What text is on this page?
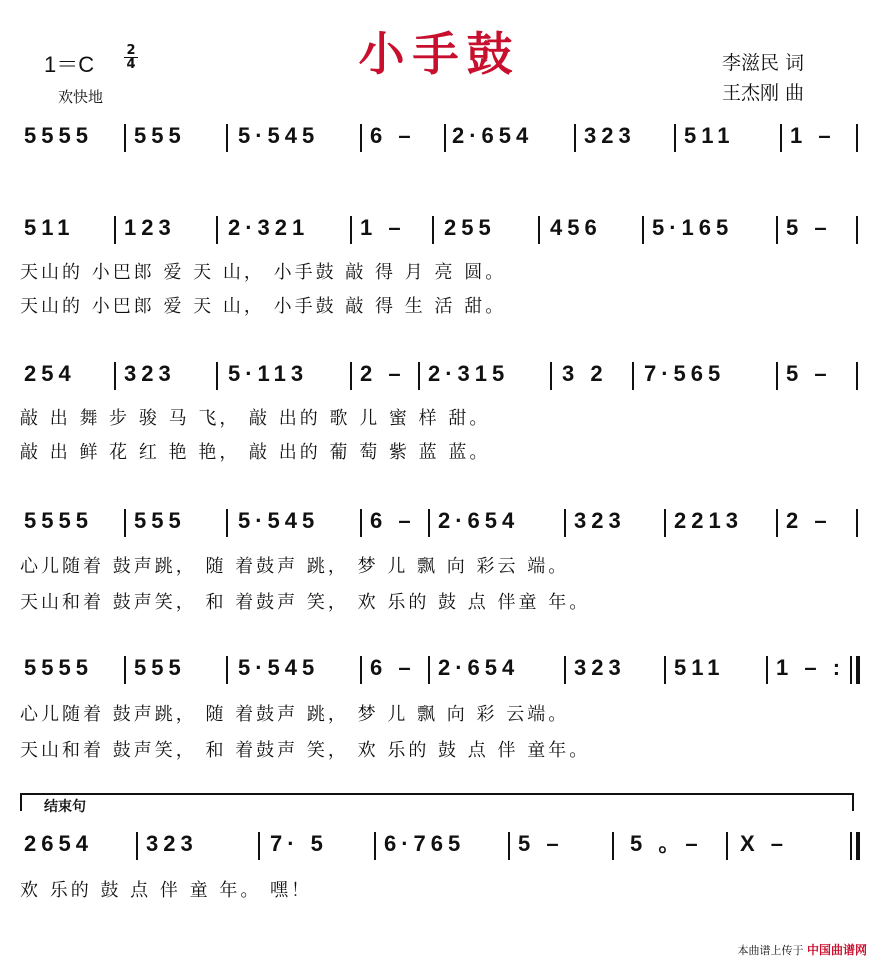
小手鼓
1＝C
2
4
欢快地
李滋民 词
王杰刚 曲
5555 555 5·545 6 – 2·654 323 511	1 –
511 123 2·321 1 – 255 456 5·165 5 –
天山的 小巴郎 爱 天 山， 小手鼓 敲 得 月 亮 圆。
天山的 小巴郎 爱 天 山， 小手鼓 敲 得 生 活 甜。
254 323 5·113 2 – 2·315 3 2 7·565	5 –
敲 出 舞 步 骏 马 飞， 敲 出的 歌 儿 蜜 样 甜。
敲 出 鲜 花 红 艳 艳， 敲 出的 葡 萄 紫 蓝 蓝。
5555 555 5·545 6 – 2·654 323 2213 2 –
心儿随着 鼓声跳， 随 着鼓声 跳， 梦 儿 飘 向 彩云 端。
天山和着 鼓声笑， 和 着鼓声 笑， 欢 乐的 鼓 点 伴童 年。
5555 555 5·545 6 – 2·654 323 511 1 – :
心儿随着 鼓声跳， 随 着鼓声 跳， 梦 儿 飘 向 彩 云端。
天山和着 鼓声笑， 和 着鼓声 笑， 欢 乐的 鼓 点 伴 童年。
结束句
2654 323	7· 5	6·765 5 –	5 。– X –
欢 乐的 鼓 点 伴 童 年。 嘿！
本曲谱上传于 中国曲谱网
